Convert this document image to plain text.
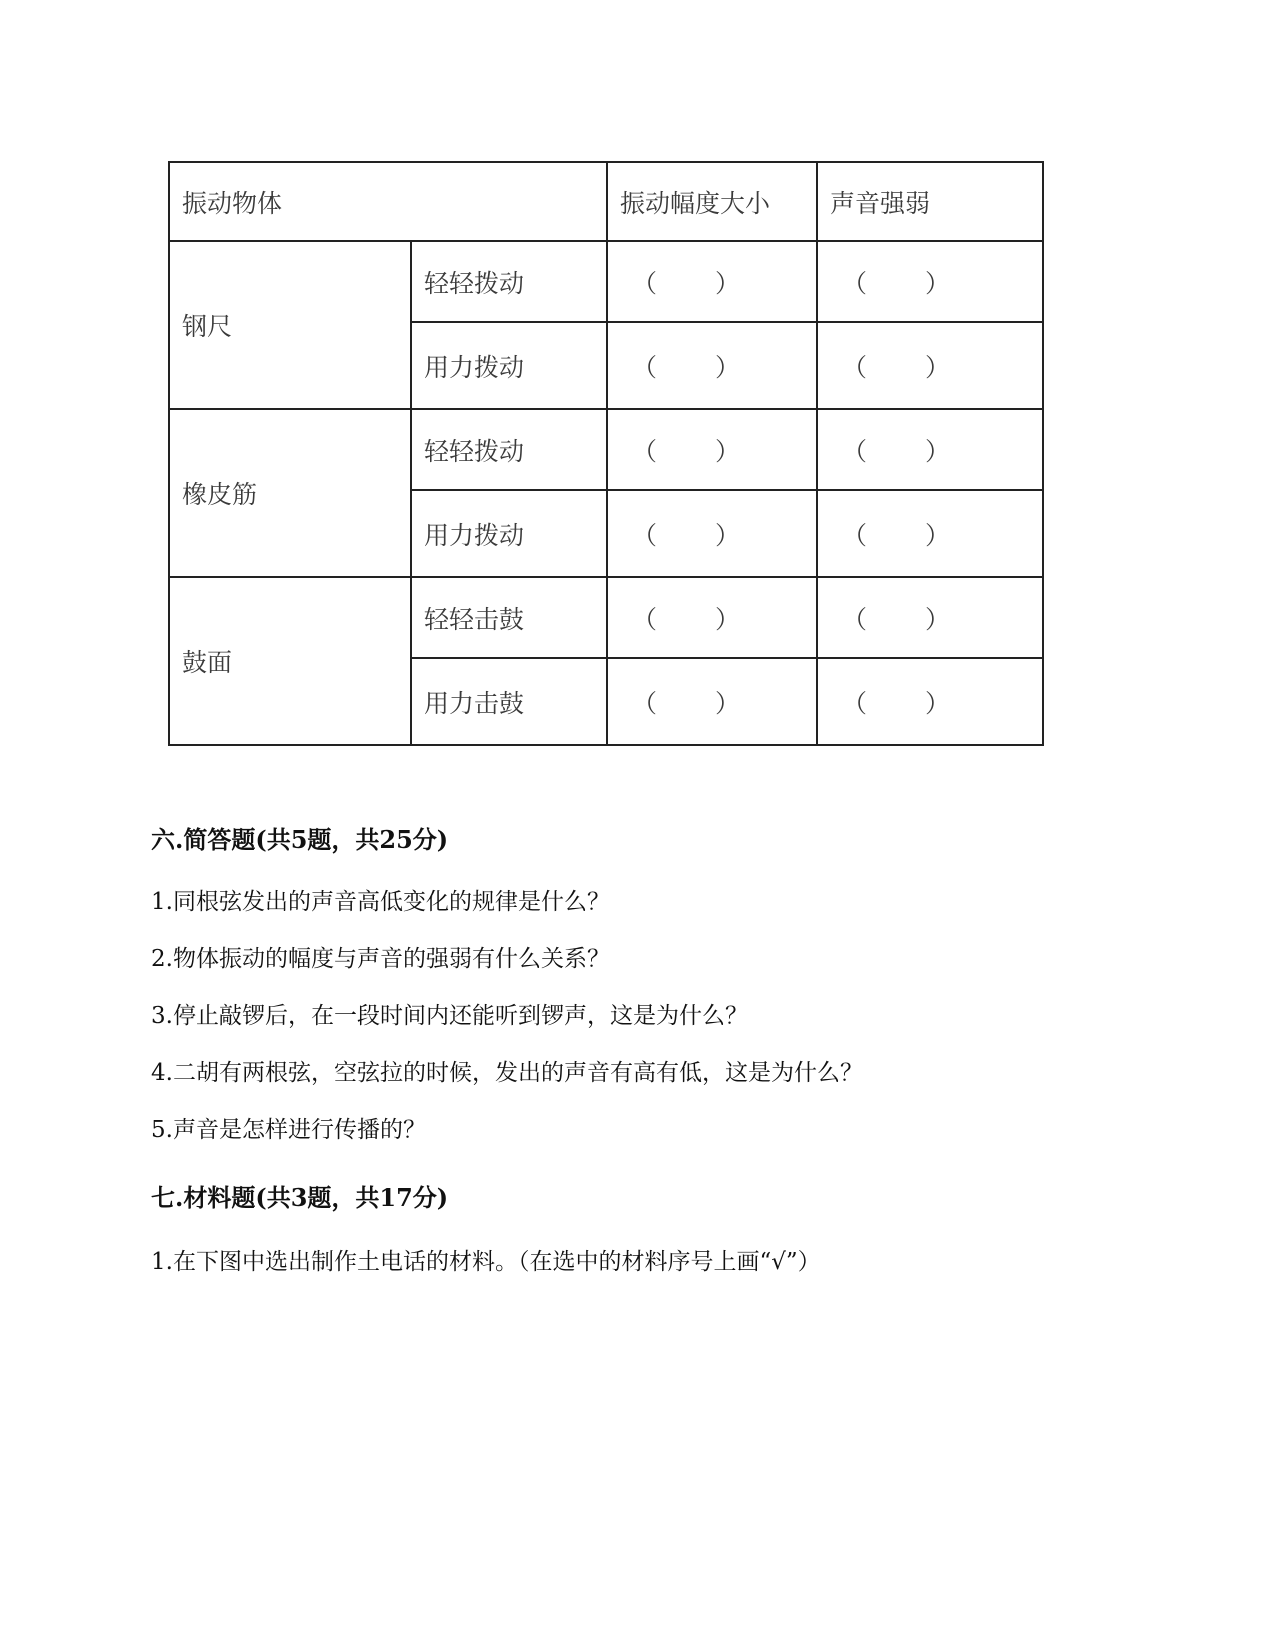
振动物体		振动幅度大小	声音强弱
钢尺	轻轻拨动	（ ）	（ ）

	用力拨动	（ ）	（ ）

橡皮筋	轻轻拨动	（ ）	（ ）

	用力拨动	（ ）	（ ）

鼓面	轻轻击鼓	（ ）	（ ）

	用力击鼓	（ ）	（ ）
六.简答题(共5题，共25分)
1.同根弦发出的声音高低变化的规律是什么？
2.物体振动的幅度与声音的强弱有什么关系？
3.停止敲锣后，在一段时间内还能听到锣声，这是为什么？
4.二胡有两根弦，空弦拉的时候，发出的声音有高有低，这是为什么？
5.声音是怎样进行传播的？
七.材料题(共3题，共17分)
1.在下图中选出制作土电话的材料。（在选中的材料序号上画“√”）
